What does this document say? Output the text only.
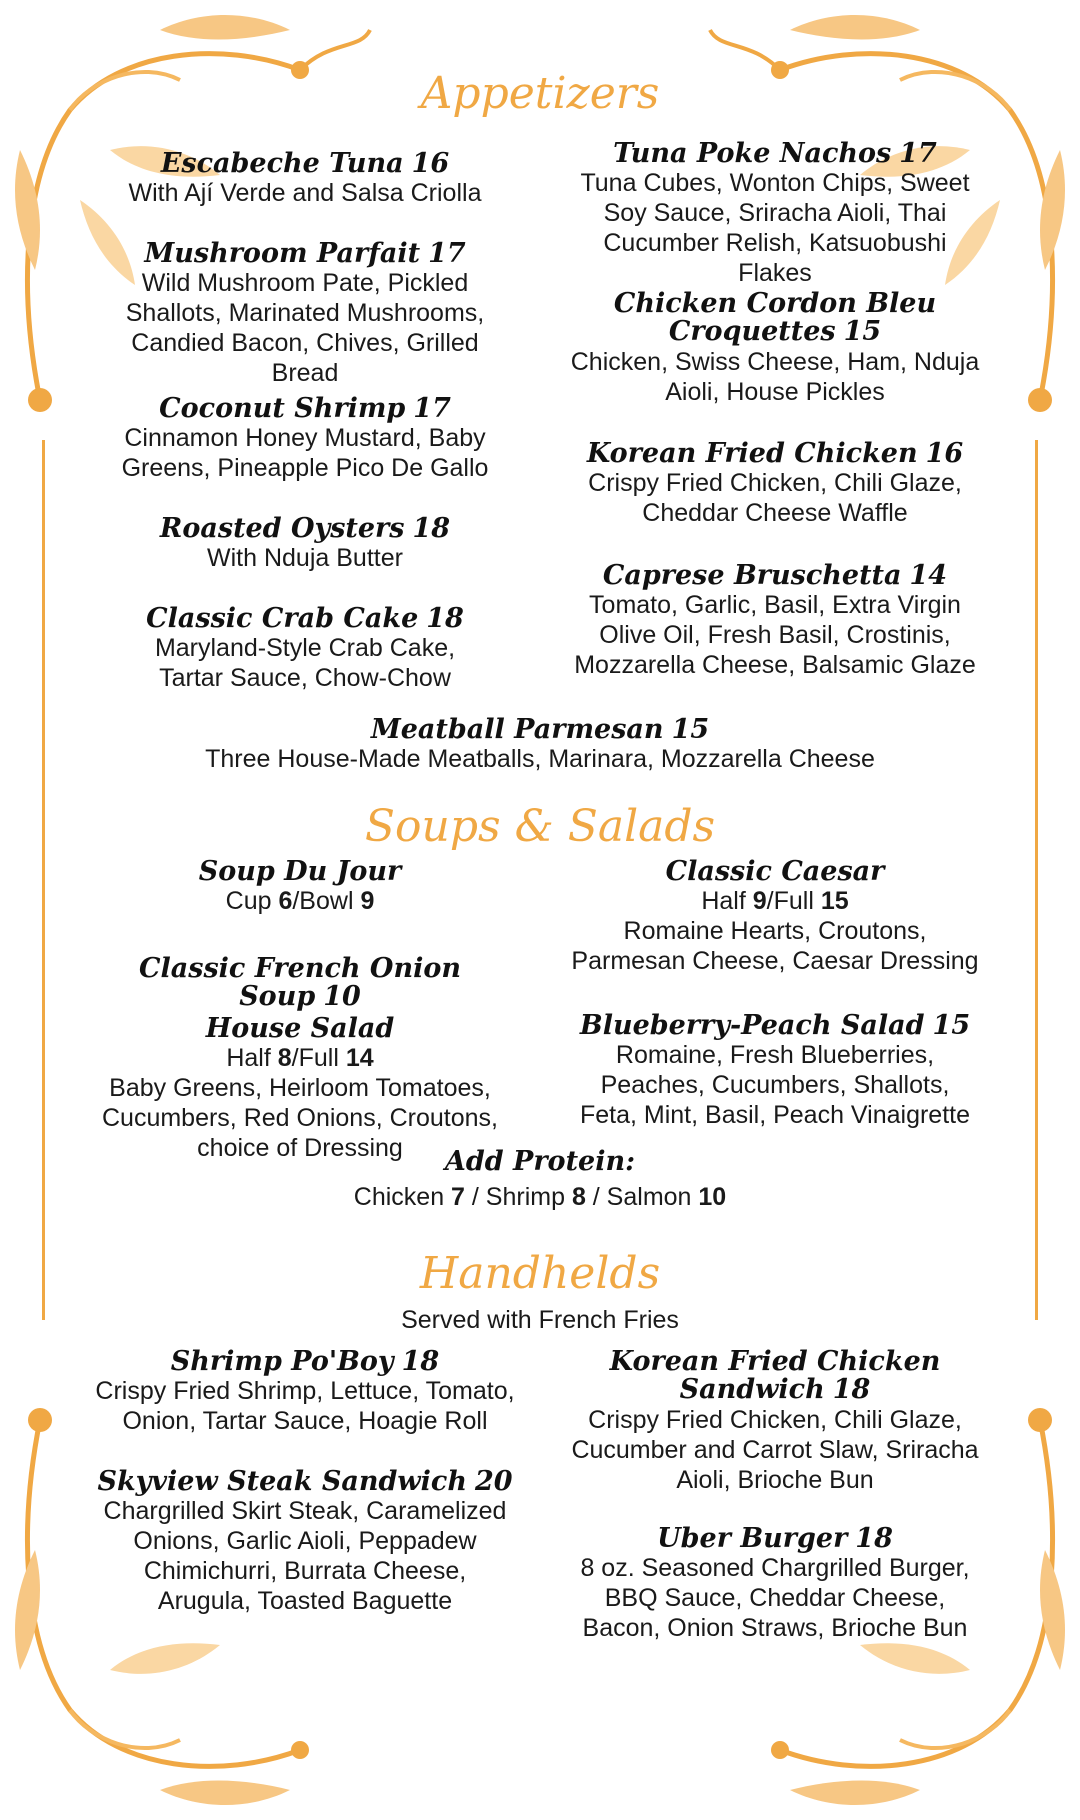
Appetizers
Escabeche Tuna 16
With Ají Verde and Salsa Criolla
Mushroom Parfait 17
Wild Mushroom Pate, Pickled Shallots, Marinated Mushrooms, Candied Bacon, Chives, Grilled Bread
Coconut Shrimp 17
Cinnamon Honey Mustard, Baby Greens, Pineapple Pico De Gallo
Roasted Oysters 18
With Nduja Butter
Classic Crab Cake 18
Maryland-Style Crab Cake, Tartar Sauce, Chow-Chow
Tuna Poke Nachos 17
Tuna Cubes, Wonton Chips, Sweet Soy Sauce, Sriracha Aioli, Thai Cucumber Relish, Katsuobushi Flakes
Chicken Cordon Bleu Croquettes 15
Chicken, Swiss Cheese, Ham, Nduja Aioli, House Pickles
Korean Fried Chicken 16
Crispy Fried Chicken, Chili Glaze, Cheddar Cheese Waffle
Caprese Bruschetta 14
Tomato, Garlic, Basil, Extra Virgin Olive Oil, Fresh Basil, Crostinis, Mozzarella Cheese, Balsamic Glaze
Meatball Parmesan 15
Three House-Made Meatballs, Marinara, Mozzarella Cheese
Soups & Salads
Soup Du Jour
Cup 6/Bowl 9
Classic French Onion Soup 10
House Salad
Half 8/Full 14
Baby Greens, Heirloom Tomatoes, Cucumbers, Red Onions, Croutons, choice of Dressing
Classic Caesar
Half 9/Full 15
Romaine Hearts, Croutons, Parmesan Cheese, Caesar Dressing
Blueberry-Peach Salad 15
Romaine, Fresh Blueberries, Peaches, Cucumbers, Shallots, Feta, Mint, Basil, Peach Vinaigrette
Add Protein:
Chicken 7 / Shrimp 8 / Salmon 10
Handhelds
Served with French Fries
Shrimp Po'Boy 18
Crispy Fried Shrimp, Lettuce, Tomato, Onion, Tartar Sauce, Hoagie Roll
Skyview Steak Sandwich 20
Chargrilled Skirt Steak, Caramelized Onions, Garlic Aioli, Peppadew Chimichurri, Burrata Cheese, Arugula, Toasted Baguette
Korean Fried Chicken Sandwich 18
Crispy Fried Chicken, Chili Glaze, Cucumber and Carrot Slaw, Sriracha Aioli, Brioche Bun
Uber Burger 18
8 oz. Seasoned Chargrilled Burger, BBQ Sauce, Cheddar Cheese, Bacon, Onion Straws, Brioche Bun
